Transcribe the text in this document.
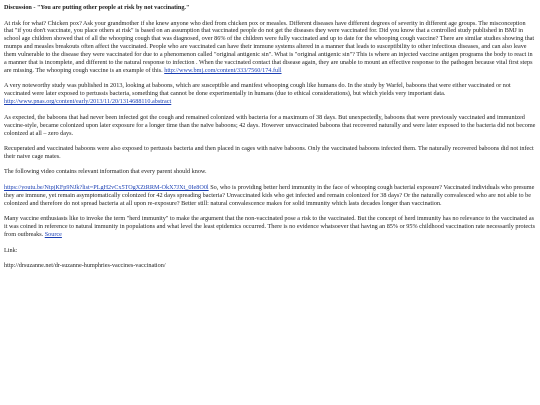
Discussion - "You are putting other people at risk by not vaccinating."

At risk for what? Chicken pox? Ask your grandmother if she knew anyone who died from chicken pox or measles. Different diseases have different degrees of severity in different age groups. The misconception that "if you don't vaccinate, you place others at risk" is based on an assumption that vaccinated people do not get the diseases they were vaccinated for. Did you know that a controlled study published in BMJ in school age children showed that of all the whooping cough that was diagnosed, over 86% of the children were fully vaccinated and up to date for the whooping cough vaccine? There are similar studies showing that mumps and measles breakouts often affect the vaccinated. People who are vaccinated can have their immune systems altered in a manner that leads to susceptibility to other infectious diseases, and can also leave them vulnerable to the disease they were vaccinated for due to a phenomenon called "original antigenic sin". What is "original antigenic sin"? This is where an injected vaccine antigen programs the body to react in a manner that is incomplete, and different to the natural response to infection . When the vaccinated contact that disease again, they are unable to mount an effective response to the pathogen because vital first steps are missing. The whooping cough vaccine is an example of this. http://www.bmj.com/content/333/7560/174.full

A very noteworthy study was published in 2013, looking at baboons, which are susceptible and manifest whooping cough like humans do. In the study by Warfel, baboons that were either vaccinated or not vaccinated were later exposed to pertussis bacteria, something that cannot be done experimentally in humans (due to ethical considerations), but which yields very important data. http://www.pnas.org/content/early/2013/11/20/1314688110.abstract

As expected, the baboons that had never been infected got the cough and remained colonized with bacteria for a maximum of 38 days. But unexpectedly, baboons that were previously vaccinated and immunized vaccine-style, became colonized upon later exposure for a longer time than the naïve baboons; 42 days. However unvaccinated baboons that recovered naturally and were later exposed to the bacteria did not become colonized at all – zero days.

Recuperated and vaccinated baboons were also exposed to pertussis bacteria and then placed in cages with naive baboons. Only the vaccinated baboons infected them. The naturally recovered baboons did not infect their naive cage mates.

The following video contains relevant information that every parent should know.

https://youtu.be/NtpjKFp9NJk?list=PLgH2vCx5TOgXZtRRM-OkX7JXt_0Ie8O0l So, who is providing better herd immunity in the face of whooping cough bacterial exposure? Vaccinated individuals who presume they are immune, yet remain asymptomatically colonized for 42 days spreading bacteria? Unvaccinated kids who get infected and remain colonized for 38 days? Or the naturally convalesced who are not able to be colonized and therefore do not spread bacteria at all upon re-exposure? Better still: natural convalescence makes for solid immunity which lasts decades longer than vaccination.

Many vaccine enthusiasts like to invoke the term "herd immunity" to make the argument that the non-vaccinated pose a risk to the vaccinated. But the concept of herd immunity has no relevance to the vaccinated as it was coined in reference to natural immunity in populations and what level the least epidemics occurred. There is no evidence whatsoever that having an 85% or 95% childhood vaccination rate necessarily protects from outbreaks. Source

Link:

http://drsuzanne.net/dr-suzanne-humphries-vaccines-vaccination/
